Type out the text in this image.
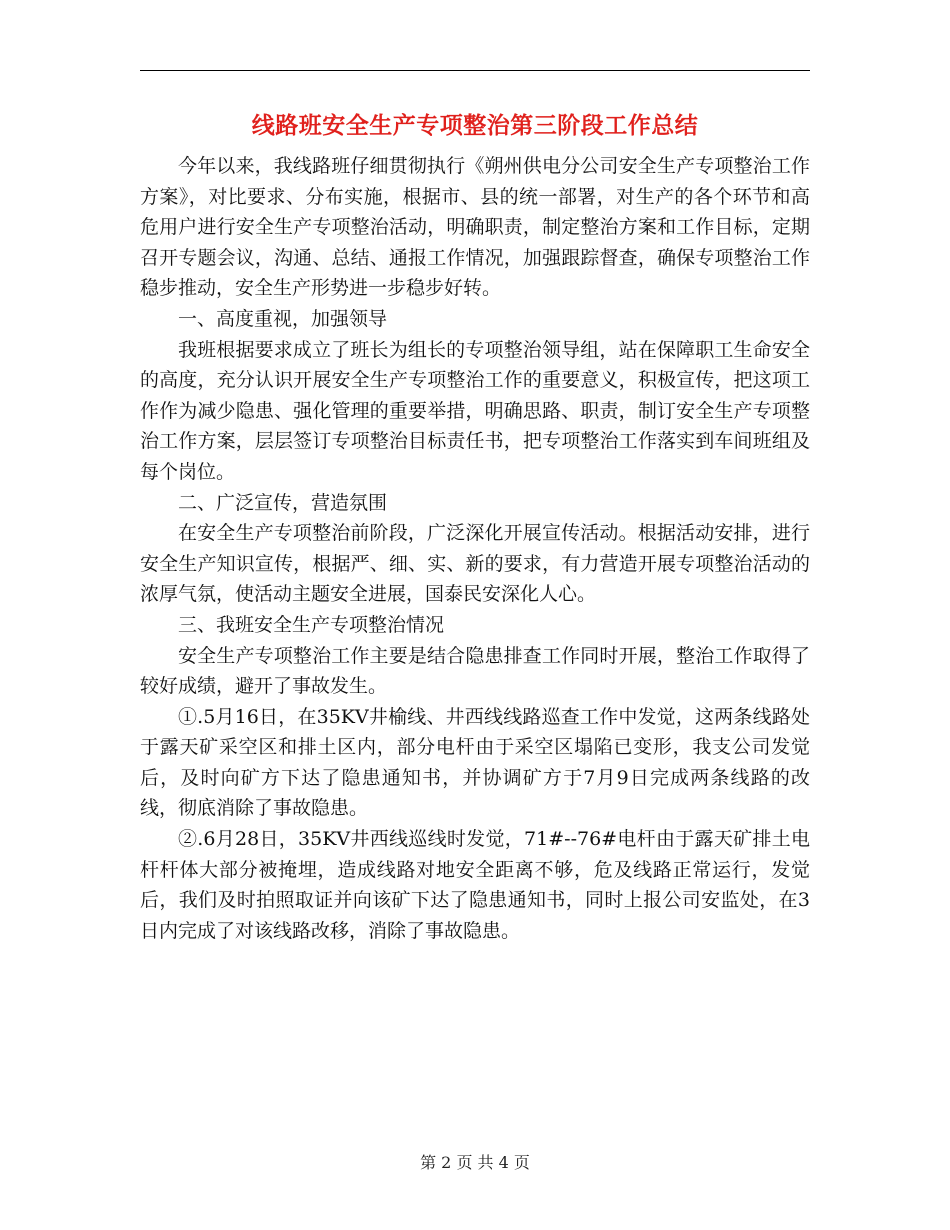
线路班安全生产专项整治第三阶段工作总结

今年以来，我线路班仔细贯彻执行《朔州供电分公司安全生产专项整治工作方案》，对比要求、分布实施，根据市、县的统一部署，对生产的各个环节和高危用户进行安全生产专项整治活动，明确职责，制定整治方案和工作目标，定期召开专题会议，沟通、总结、通报工作情况，加强跟踪督查，确保专项整治工作稳步推动，安全生产形势进一步稳步好转。

一、高度重视，加强领导

我班根据要求成立了班长为组长的专项整治领导组，站在保障职工生命安全的高度，充分认识开展安全生产专项整治工作的重要意义，积极宣传，把这项工作作为减少隐患、强化管理的重要举措，明确思路、职责，制订安全生产专项整治工作方案，层层签订专项整治目标责任书，把专项整治工作落实到车间班组及每个岗位。

二、广泛宣传，营造氛围

在安全生产专项整治前阶段，广泛深化开展宣传活动。根据活动安排，进行安全生产知识宣传，根据严、细、实、新的要求，有力营造开展专项整治活动的浓厚气氛，使活动主题安全进展，国泰民安深化人心。

三、我班安全生产专项整治情况

安全生产专项整治工作主要是结合隐患排查工作同时开展，整治工作取得了较好成绩，避开了事故发生。

①.5月16日，在35KV井榆线、井西线线路巡查工作中发觉，这两条线路处于露天矿采空区和排土区内，部分电杆由于采空区塌陷已变形，我支公司发觉后，及时向矿方下达了隐患通知书，并协调矿方于7月9日完成两条线路的改线，彻底消除了事故隐患。

②.6月28日，35KV井西线巡线时发觉，71#--76#电杆由于露天矿排土电杆杆体大部分被掩埋，造成线路对地安全距离不够，危及线路正常运行，发觉后，我们及时拍照取证并向该矿下达了隐患通知书，同时上报公司安监处，在3日内完成了对该线路改移，消除了事故隐患。

第 2 页 共 4 页
